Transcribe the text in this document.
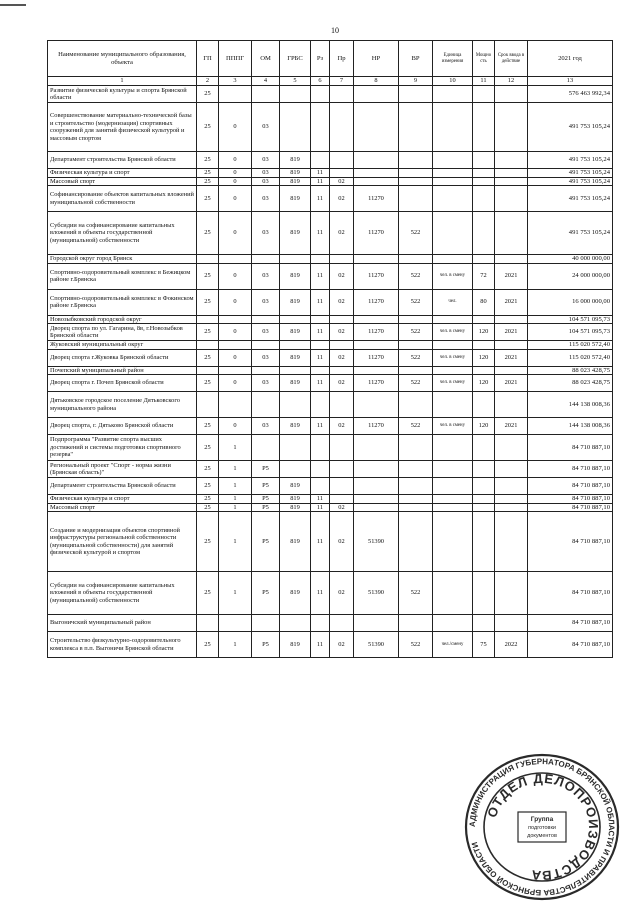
10
Наименование муниципального образования, объекта	ГП	ПППГ	ОМ	ГРБС	Рз	Пр	НР	ВР	Единица измерения	Мощность	Срок ввода в действие	2021 год
1	2	3	4	5	6	7	8	9	10	11	12	13
Развитие физической культуры и спорта Брянской области	25											576 463 992,34
Совершенствование материально-технической базы и строительство (модернизация) спортивных сооружений для занятий физической культурой и массовым спортом	25	0	03									491 753 105,24
Департамент строительства Брянской области	25	0	03	819								491 753 105,24
Физическая культура и спорт	25	0	03	819	11							491 753 105,24
Массовый спорт	25	0	03	819	11	02						491 753 105,24
Софинансирование объектов капитальных вложений муниципальной собственности	25	0	03	819	11	02	11270					491 753 105,24
Субсидии на софинансирование капитальных вложений в объекты государственной (муниципальной) собственности	25	0	03	819	11	02	11270	522				491 753 105,24
Городской округ город Брянск												40 000 000,00
Спортивно-оздоровительный комплекс в Бежицком районе г.Брянска	25	0	03	819	11	02	11270	522	чел. в смену	72	2021	24 000 000,00
Спортивно-оздоровительный комплекс в Фокинском районе г.Брянска	25	0	03	819	11	02	11270	522	чел.	80	2021	16 000 000,00
Новозыбковский городской округ												104 571 095,73
Дворец спорта по ул. Гагарина, 8в, г.Новозыбков Брянской области	25	0	03	819	11	02	11270	522	чел. в смену	120	2021	104 571 095,73
Жуковский муниципальный округ												115 020 572,40
Дворец спорта г.Жуковка Брянской области	25	0	03	819	11	02	11270	522	чел. в смену	120	2021	115 020 572,40
Почепский муниципальный район												88 023 428,75
Дворец спорта г. Почеп Брянской области	25	0	03	819	11	02	11270	522	чел. в смену	120	2021	88 023 428,75
Дятьковское городское поселение Дятьковского муниципального района												144 138 008,36
Дворец спорта, г. Дятьково Брянской области	25	0	03	819	11	02	11270	522	чел. в смену	120	2021	144 138 008,36
Подпрограмма "Развитие спорта высших достижений и системы подготовки спортивного резерва"	25	1										84 710 887,10
Региональный проект "Спорт - норма жизни (Брянская область)"	25	1	P5									84 710 887,10
Департамент строительства Брянской области	25	1	P5	819								84 710 887,10
Физическая культура и спорт	25	1	P5	819	11							84 710 887,10
Массовый спорт	25	1	P5	819	11	02						84 710 887,10
Создание и модернизация объектов спортивной инфраструктуры региональной собственности (муниципальной собственности) для занятий физической культурой и спортом	25	1	P5	819	11	02	51390					84 710 887,10
Субсидии на софинансирование капитальных вложений в объекты государственной (муниципальной) собственности	25	1	P5	819	11	02	51390	522				84 710 887,10
Выгоничский муниципальный район												84 710 887,10
Строительство физкультурно-оздоровительного комплекса в п.п. Выгоничи Брянской области	25	1	P5	819	11	02	51390	522	чел./смену	75	2022	84 710 887,10
АДМИНИСТРАЦИЯ ГУБЕРНАТОРА БРЯНСКОЙ ОБЛАСТИ И ПРАВИТЕЛЬСТВА БРЯНСКОЙ ОБЛАСТИ
ОТДЕЛ ДЕЛОПРОИЗВОДСТВА
Группа
подготовки
документов
